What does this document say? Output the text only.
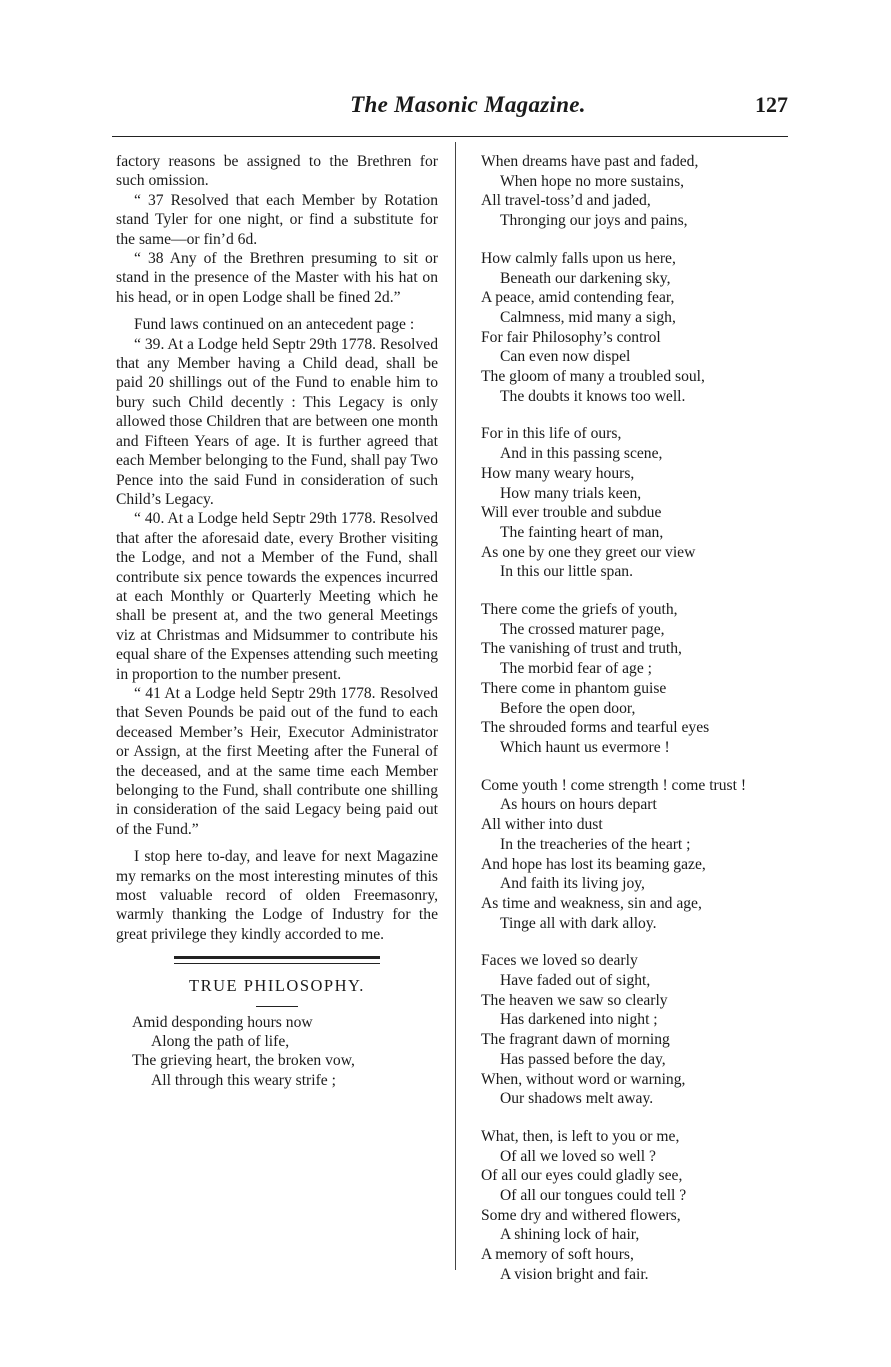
The Masonic Magazine.	127

factory reasons be assigned to the Brethren for such omission.

“ 37 Resolved that each Member by Rotation stand Tyler for one night, or find a substitute for the same—or fin’d 6d.

“ 38 Any of the Brethren presuming to sit or stand in the presence of the Master with his hat on his head, or in open Lodge shall be fined 2d.”

Fund laws continued on an antecedent page :

“ 39. At a Lodge held Septr 29th 1778. Resolved that any Member having a Child dead, shall be paid 20 shillings out of the Fund to enable him to bury such Child decently : This Legacy is only allowed those Children that are between one month and Fifteen Years of age. It is further agreed that each Member belonging to the Fund, shall pay Two Pence into the said Fund in consideration of such Child’s Legacy.

“ 40. At a Lodge held Septr 29th 1778. Resolved that after the aforesaid date, every Brother visiting the Lodge, and not a Member of the Fund, shall contribute six pence towards the expences incurred at each Monthly or Quarterly Meeting which he shall be present at, and the two general Meetings viz at Christmas and Midsummer to contribute his equal share of the Expenses attending such meeting in proportion to the number present.

“ 41 At a Lodge held Septr 29th 1778. Resolved that Seven Pounds be paid out of the fund to each deceased Member’s Heir, Executor Administrator or Assign, at the first Meeting after the Funeral of the deceased, and at the same time each Member belonging to the Fund, shall contribute one shilling in consideration of the said Legacy being paid out of the Fund.”

I stop here to-day, and leave for next Magazine my remarks on the most interesting minutes of this most valuable record of olden Freemasonry, warmly thanking the Lodge of Industry for the great privilege they kindly accorded to me.

TRUE PHILOSOPHY.
Amid desponding hours now
Along the path of life,
The grieving heart, the broken vow,
All through this weary strife ;
When dreams have past and faded,
When hope no more sustains,
All travel-toss’d and jaded,
Thronging our joys and pains,
How calmly falls upon us here,
Beneath our darkening sky,
A peace, amid contending fear,
Calmness, mid many a sigh,
For fair Philosophy’s control
Can even now dispel
The gloom of many a troubled soul,
The doubts it knows too well.
For in this life of ours,
And in this passing scene,
How many weary hours,
How many trials keen,
Will ever trouble and subdue
The fainting heart of man,
As one by one they greet our view
In this our little span.
There come the griefs of youth,
The crossed maturer page,
The vanishing of trust and truth,
The morbid fear of age ;
There come in phantom guise
Before the open door,
The shrouded forms and tearful eyes
Which haunt us evermore !
Come youth ! come strength ! come trust !
As hours on hours depart
All wither into dust
In the treacheries of the heart ;
And hope has lost its beaming gaze,
And faith its living joy,
As time and weakness, sin and age,
Tinge all with dark alloy.
Faces we loved so dearly
Have faded out of sight,
The heaven we saw so clearly
Has darkened into night ;
The fragrant dawn of morning
Has passed before the day,
When, without word or warning,
Our shadows melt away.
What, then, is left to you or me,
Of all we loved so well ?
Of all our eyes could gladly see,
Of all our tongues could tell ?
Some dry and withered flowers,
A shining lock of hair,
A memory of soft hours,
A vision bright and fair.
